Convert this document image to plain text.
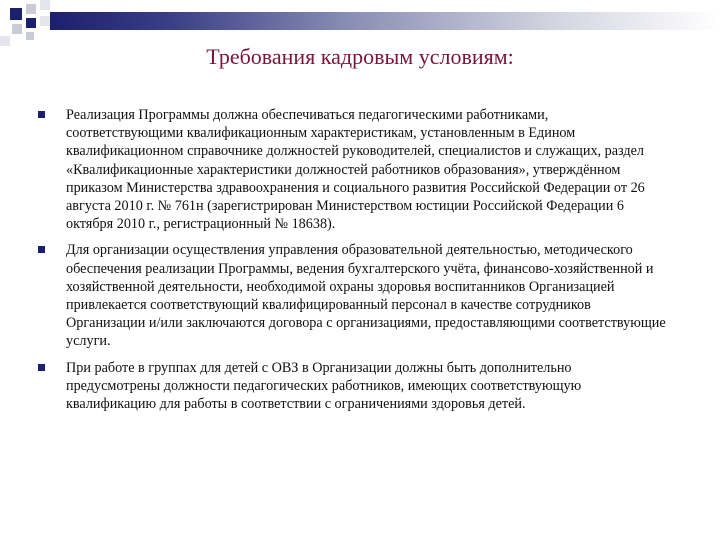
Требования кадровым условиям:
Реализация Программы должна обеспечиваться педагогическими работниками, соответствующими квалификационным характеристикам, установленным в Едином квалификационном справочнике должностей руководителей, специалистов и служащих, раздел «Квалификационные характеристики должностей работников образования», утверждённом приказом Министерства здравоохранения и социального развития Российской Федерации от 26 августа 2010 г. № 761н (зарегистрирован Министерством юстиции Российской Федерации 6 октября 2010 г., регистрационный № 18638).
Для организации осуществления управления образовательной деятельностью, методического обеспечения реализации Программы, ведения бухгалтерского учёта, финансово-хозяйственной и хозяйственной деятельности, необходимой охраны здоровья воспитанников Организацией привлекается соответствующий квалифицированный персонал в качестве сотрудников Организации и/или заключаются договора с организациями, предоставляющими соответствующие услуги.
При работе в группах для детей с ОВЗ в Организации должны быть дополнительно предусмотрены должности педагогических работников, имеющих соответствующую квалификацию для работы в соответствии с ограничениями здоровья детей.
